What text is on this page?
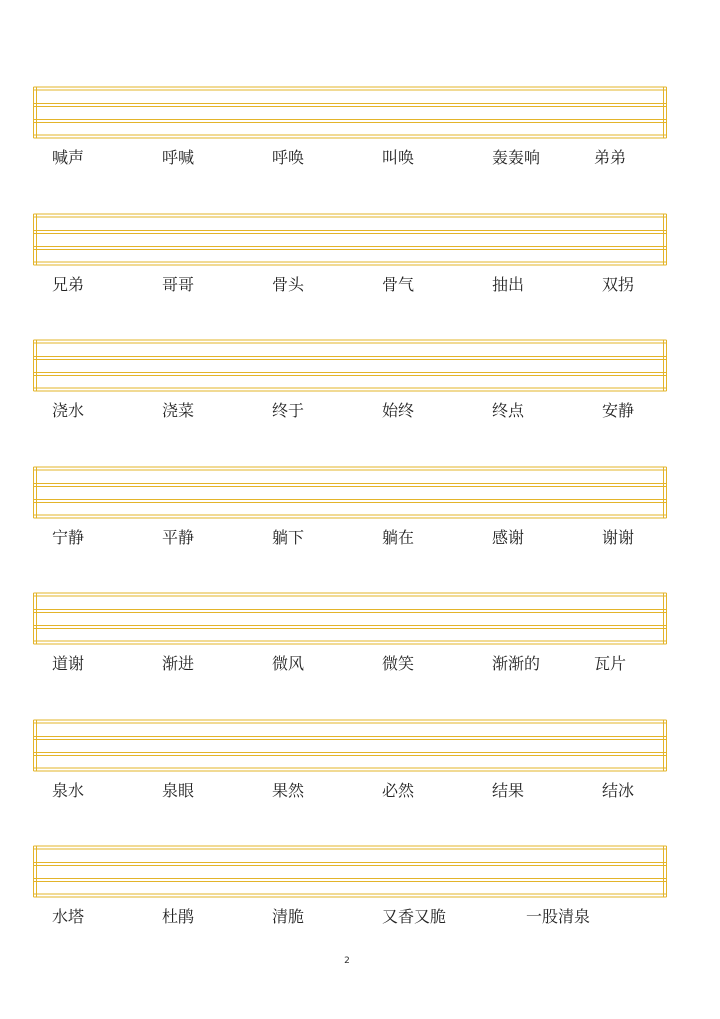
喊声	呼喊	呼唤	叫唤	轰轰响	弟弟
兄弟	哥哥	骨头	骨气	抽出	双拐
浇水	浇菜	终于	始终	终点	安静
宁静	平静	躺下	躺在	感谢	谢谢
道谢	渐进	微风	微笑	渐渐的	瓦片
泉水	泉眼	果然	必然	结果	结冰
水塔	杜鹃	清脆	又香又脆	一股清泉
2
